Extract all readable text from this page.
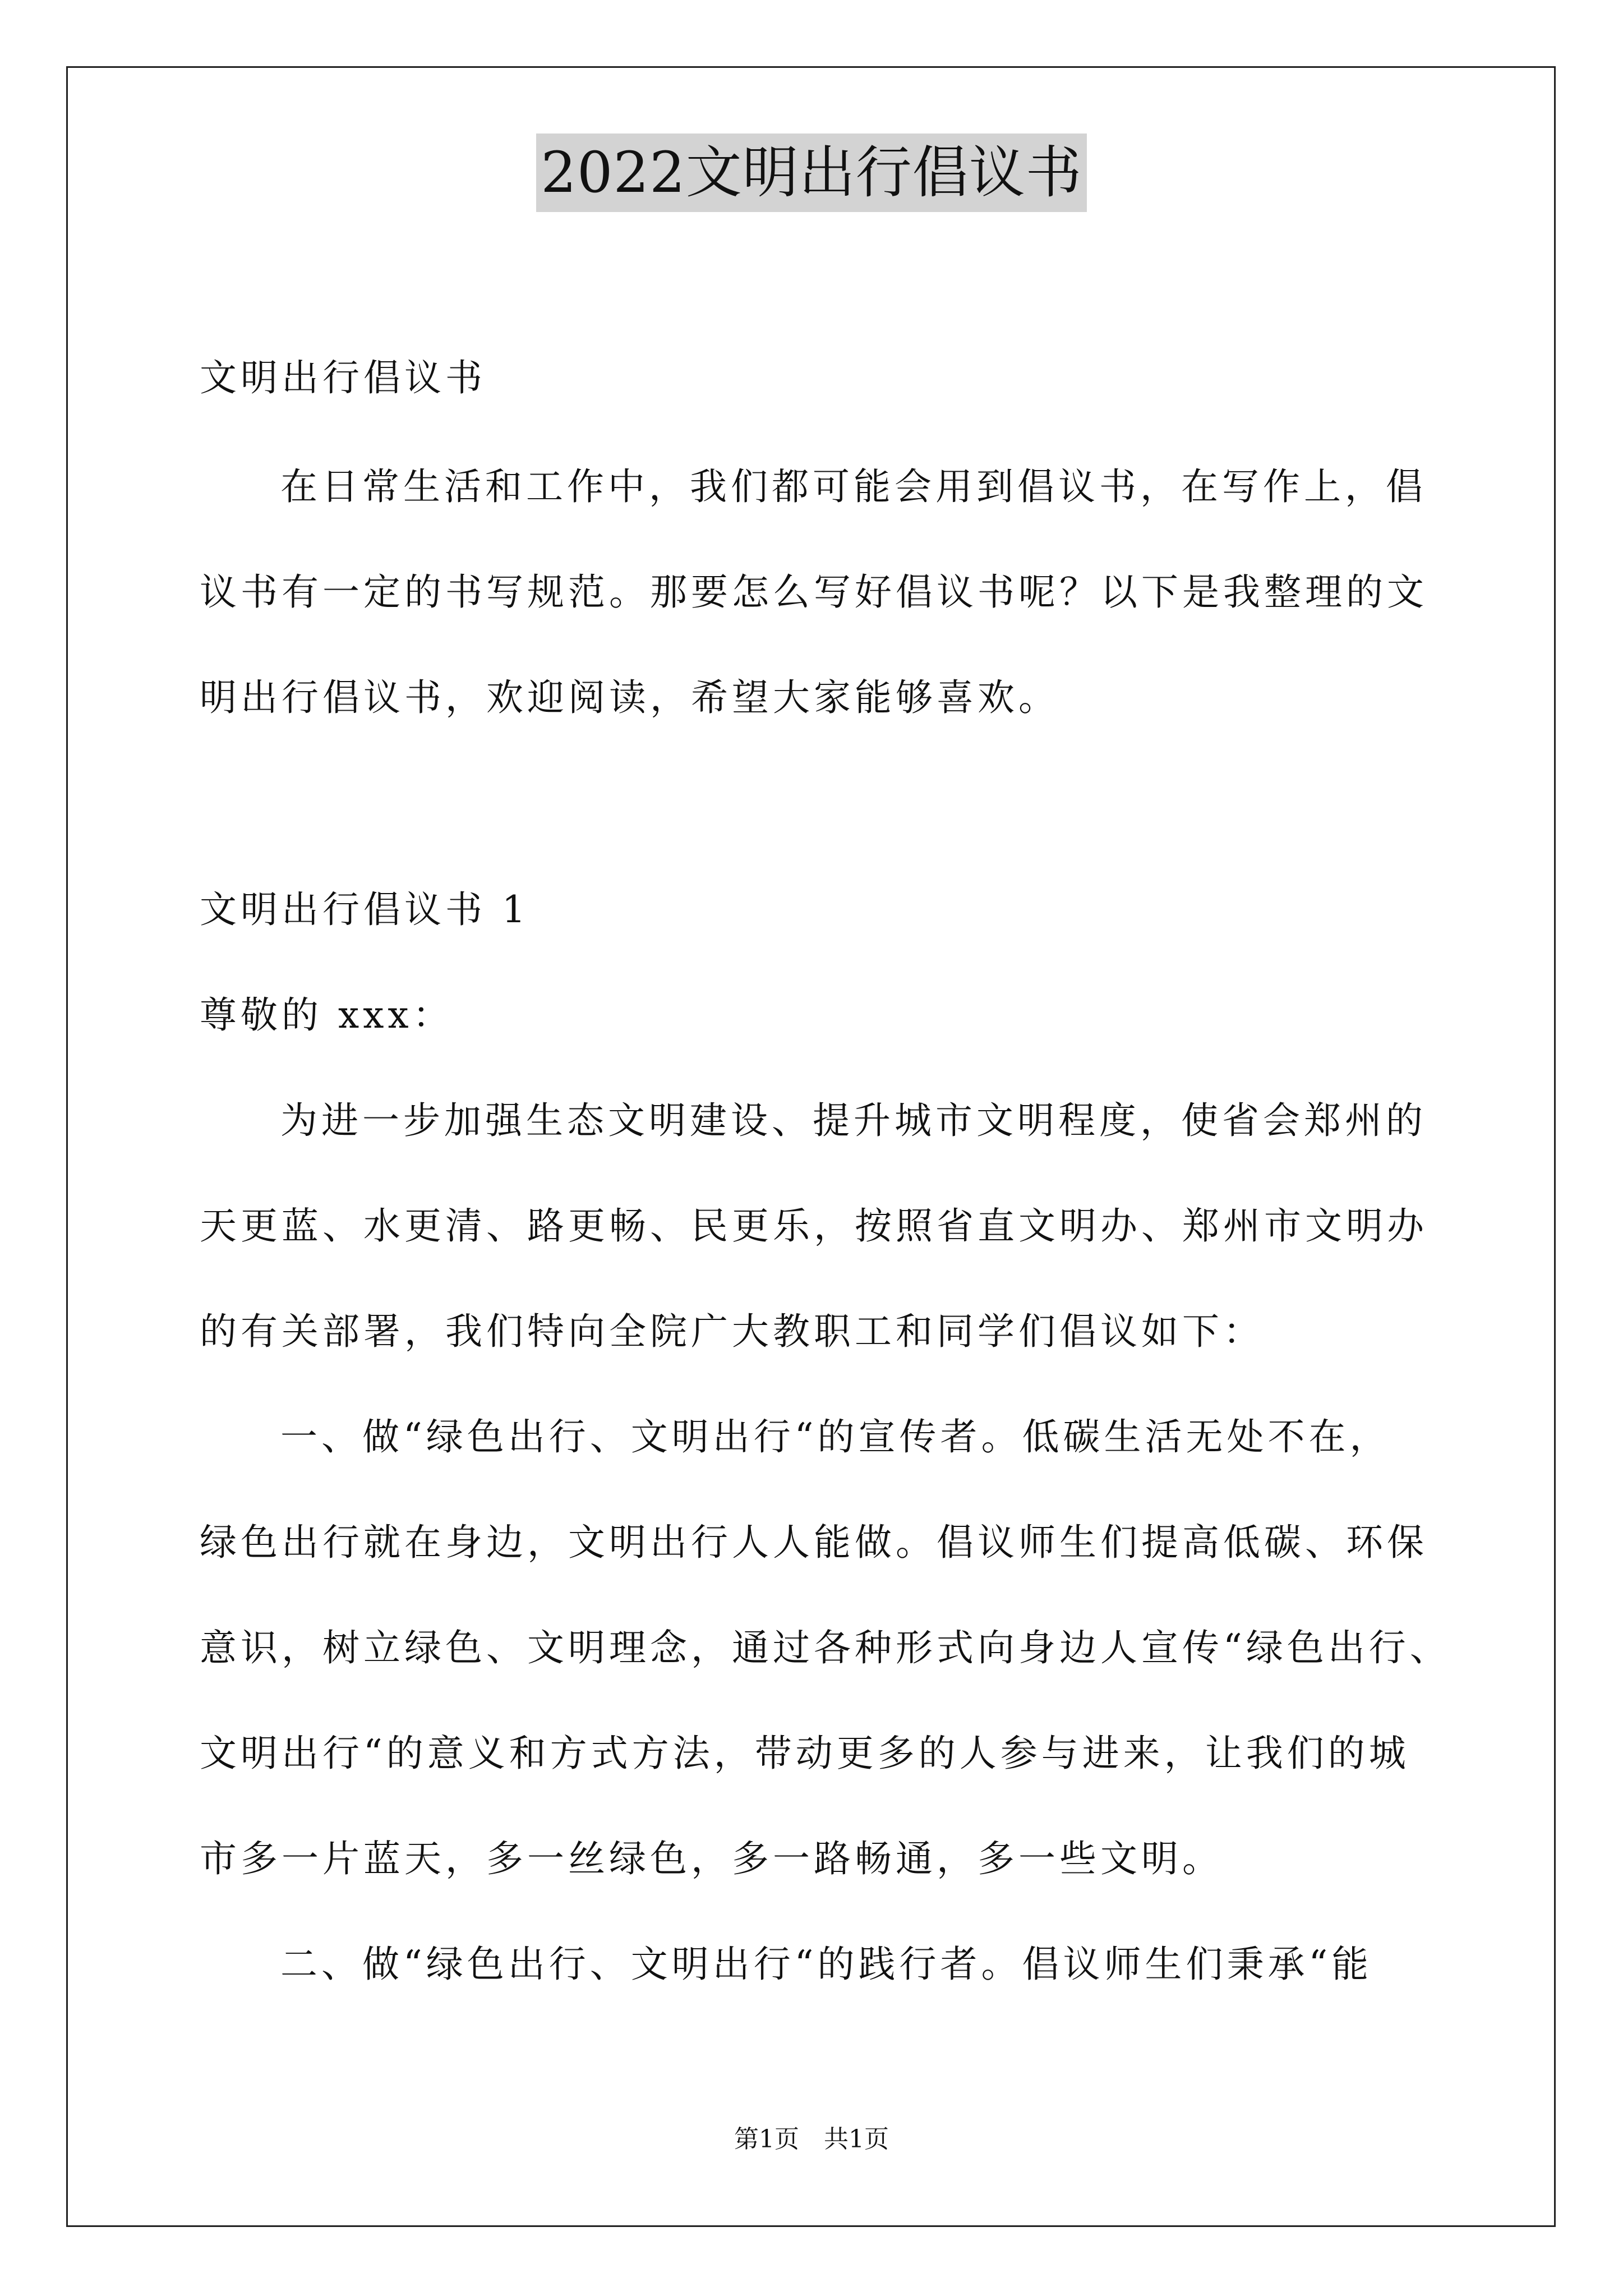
2022文明出行倡议书
文明出行倡议书
在日常生活和工作中，我们都可能会用到倡议书，在写作上，倡
议书有一定的书写规范。那要怎么写好倡议书呢？以下是我整理的文
明出行倡议书，欢迎阅读，希望大家能够喜欢。
文明出行倡议书 1
尊敬的 xxx：
为进一步加强生态文明建设、提升城市文明程度，使省会郑州的
天更蓝、水更清、路更畅、民更乐，按照省直文明办、郑州市文明办
的有关部署，我们特向全院广大教职工和同学们倡议如下：
一、做“绿色出行、文明出行“的宣传者。低碳生活无处不在，
绿色出行就在身边，文明出行人人能做。倡议师生们提高低碳、环保
意识，树立绿色、文明理念，通过各种形式向身边人宣传“绿色出行、
文明出行“的意义和方式方法，带动更多的人参与进来，让我们的城
市多一片蓝天，多一丝绿色，多一路畅通，多一些文明。
二、做“绿色出行、文明出行“的践行者。倡议师生们秉承“能
第1页　共1页
